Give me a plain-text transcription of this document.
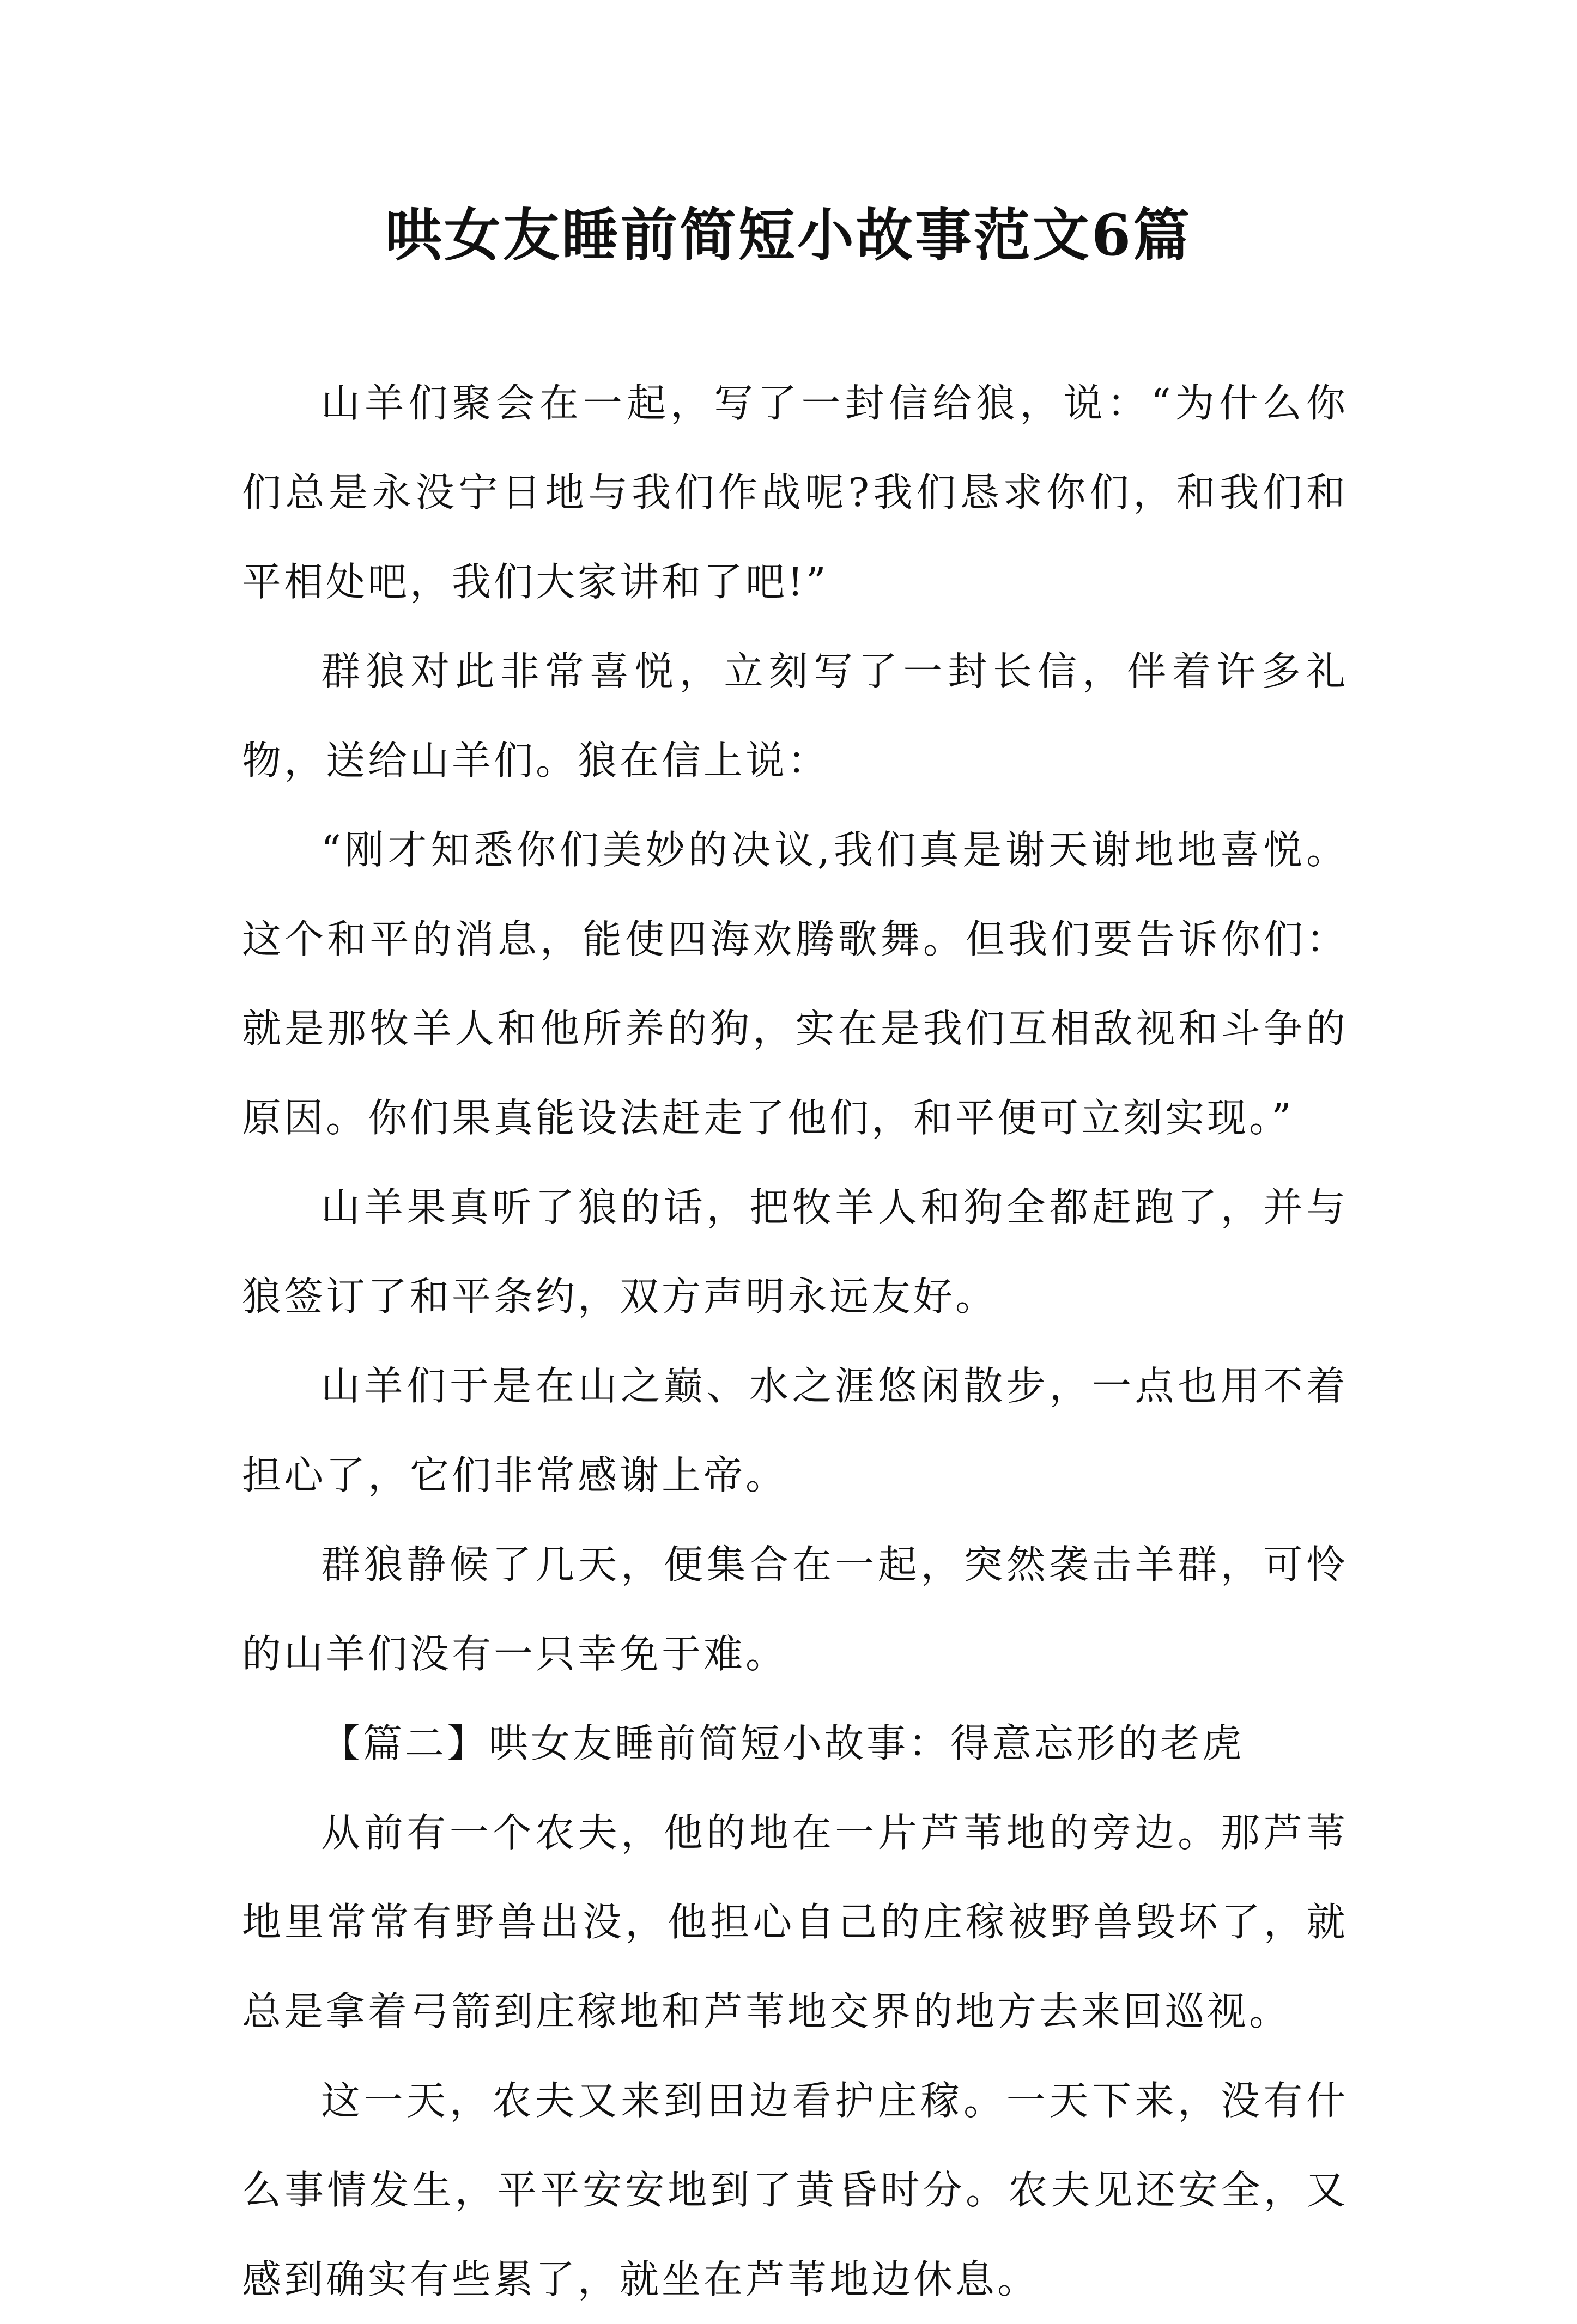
哄女友睡前简短小故事范文6篇

山羊们聚会在一起，写了一封信给狼，说：“为什么你们总是永没宁日地与我们作战呢?我们恳求你们，和我们和平相处吧，我们大家讲和了吧!”

群狼对此非常喜悦，立刻写了一封长信，伴着许多礼物，送给山羊们。狼在信上说：

“刚才知悉你们美妙的决议,我们真是谢天谢地地喜悦。这个和平的消息，能使四海欢腾歌舞。但我们要告诉你们：就是那牧羊人和他所养的狗，实在是我们互相敌视和斗争的原因。你们果真能设法赶走了他们，和平便可立刻实现。”

山羊果真听了狼的话，把牧羊人和狗全都赶跑了，并与狼签订了和平条约，双方声明永远友好。

山羊们于是在山之巅、水之涯悠闲散步，一点也用不着担心了，它们非常感谢上帝。

群狼静候了几天，便集合在一起，突然袭击羊群，可怜的山羊们没有一只幸免于难。

【篇二】哄女友睡前简短小故事：得意忘形的老虎

从前有一个农夫，他的地在一片芦苇地的旁边。那芦苇地里常常有野兽出没，他担心自己的庄稼被野兽毁坏了，就总是拿着弓箭到庄稼地和芦苇地交界的地方去来回巡视。

这一天，农夫又来到田边看护庄稼。一天下来，没有什么事情发生，平平安安地到了黄昏时分。农夫见还安全，又感到确实有些累了，就坐在芦苇地边休息。
